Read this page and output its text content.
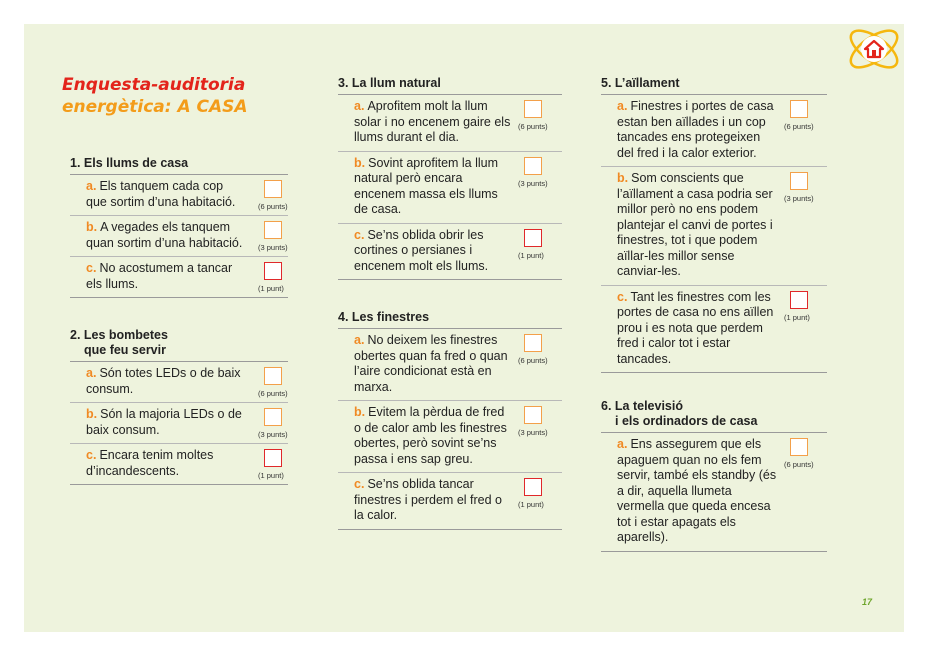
Enquesta-auditoria
energètica: A CASA
1. Els llums de casa
a. Els tanquem cada cop que sortim d’una habitació.	(6 punts)
b. A vegades els tanquem quan sortim d’una habitació. (3 punts)
c. No acostumem a tancar els llums.	(1 punt)
2. Les bombetes
que feu servir
a. Són totes LEDs o de baix consum.	(6 punts)
b. Són la majoria LEDs o de baix consum.	(3 punts)
c. Encara tenim moltes d’incandescents.	(1 punt)
3. La llum natural
a. Aprofitem molt la llum solar i no encenem gaire els llums durant el dia.
(6 punts)
b. Sovint aprofitem la llum natural però encara encenem massa els llums de casa.
(3 punts)
c. Se’ns oblida obrir les cortines o persianes i encenem molt els llums.
(1 punt)
4. Les finestres
a. No deixem les finestres obertes quan fa fred o quan l’aire condicionat està en marxa.
(6 punts)
b. Evitem la pèrdua de fred o de calor amb les finestres obertes, però sovint se’ns passa i ens sap greu.
(3 punts)
c. Se’ns oblida tancar finestres i perdem el fred o la calor.
(1 punt)
5. L’aïllament
a. Finestres i portes de casa estan ben aïllades i un cop tancades ens protegeixen del fred i la calor exterior.
(6 punts)
b. Som conscients que l’aïllament a casa podria ser millor però no ens podem plantejar el canvi de portes i finestres, tot i que podem aïllar-les millor sense canviar-les.
(3 punts)
c. Tant les finestres com les portes de casa no ens aïllen prou i es nota que perdem fred i calor tot i estar tancades.
(1 punt)
6. La televisió
i els ordinadors de casa
a. Ens assegurem que els apaguem quan no els fem servir, també els standby (és a dir, aquella llumeta vermella que queda encesa tot i estar apagats els aparells).
(6 punts)
17
